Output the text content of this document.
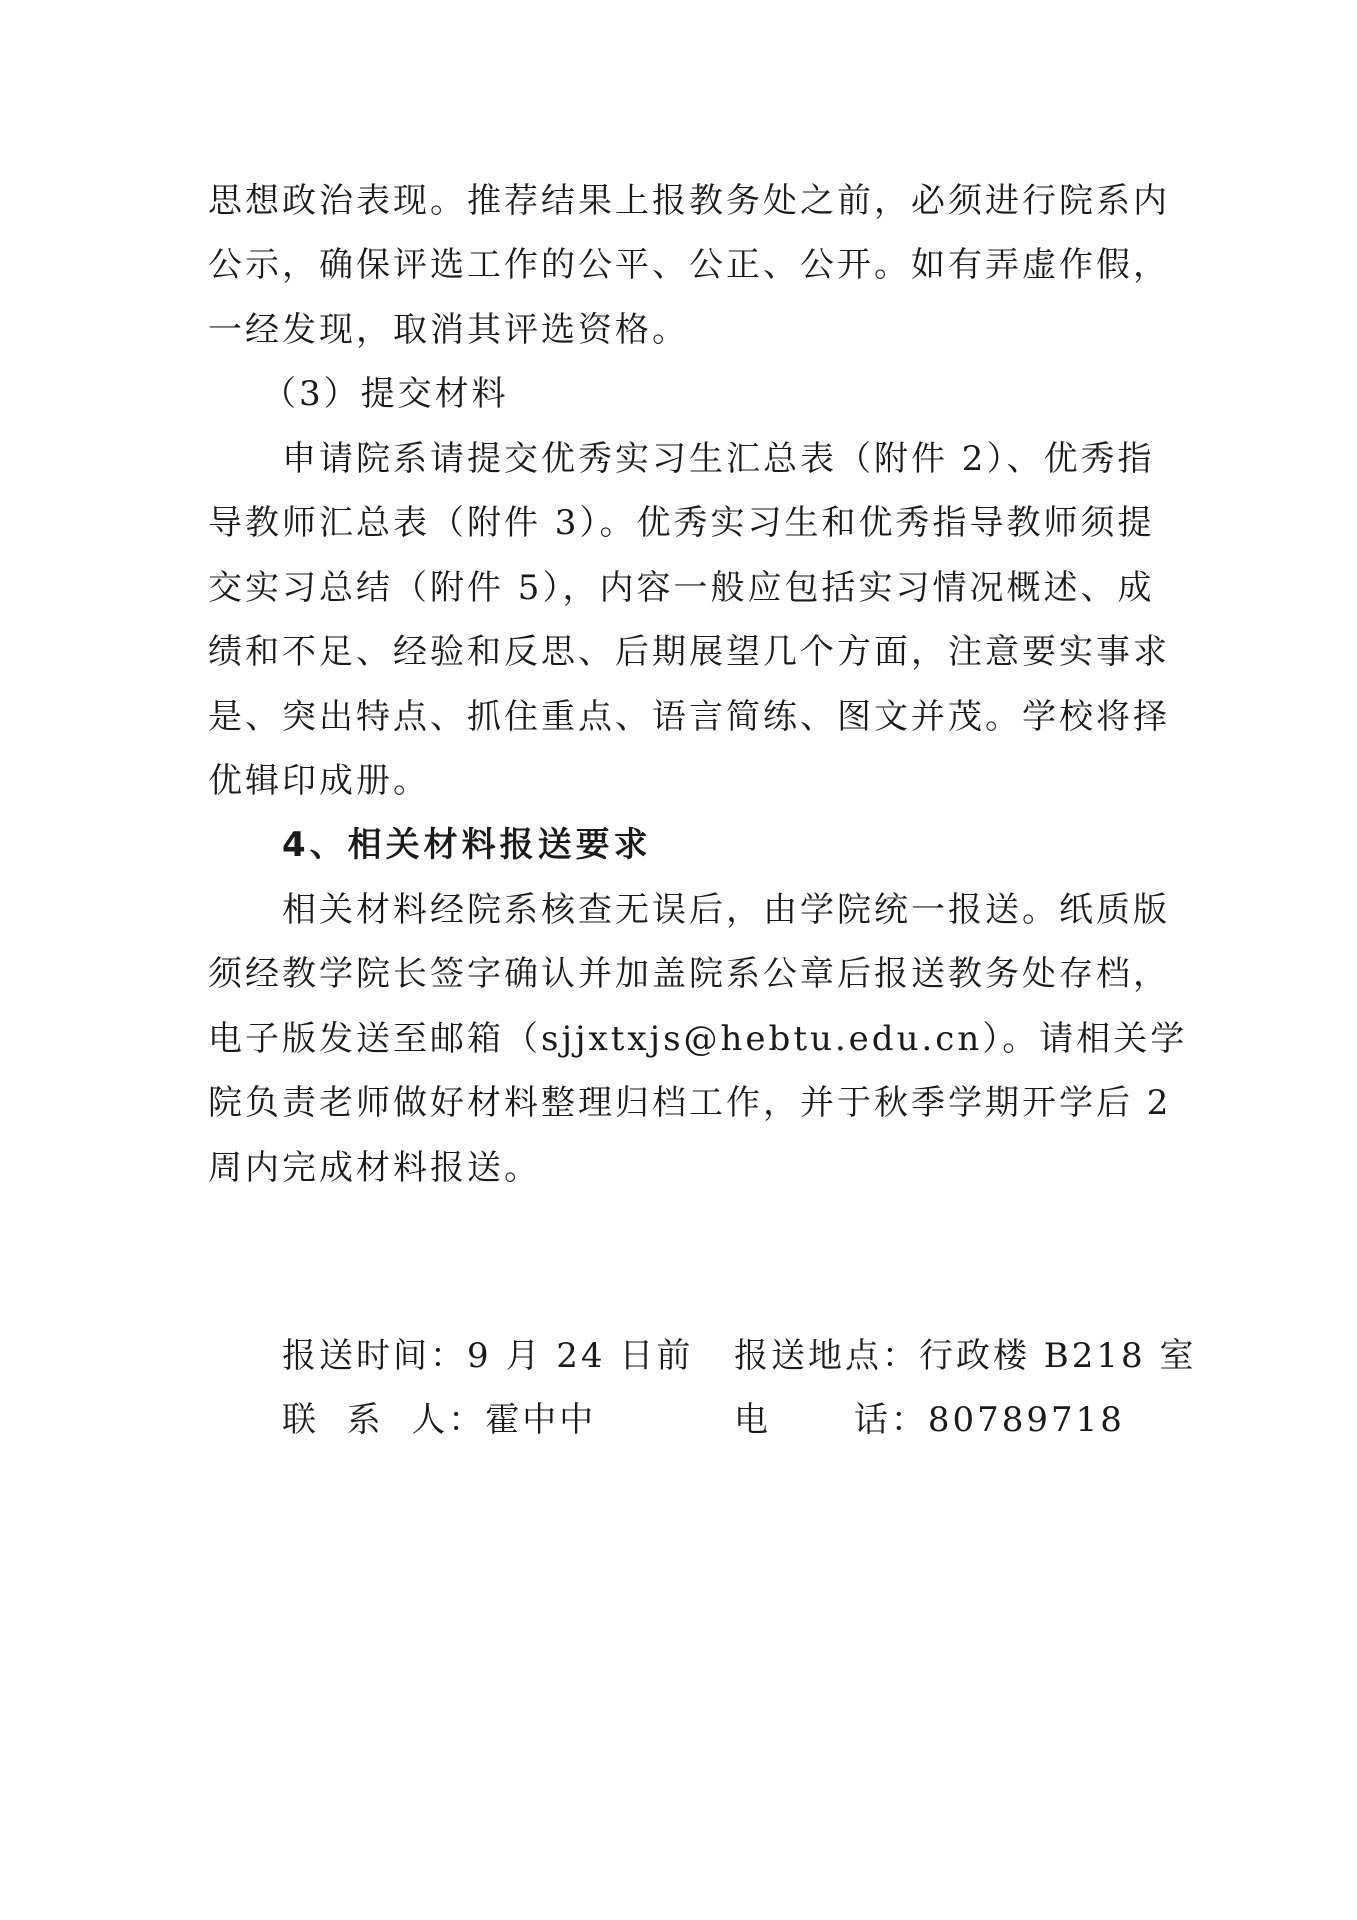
思想政治表现。推荐结果上报教务处之前，必须进行院系内
公示，确保评选工作的公平、公正、公开。如有弄虚作假，
一经发现，取消其评选资格。
（3）提交材料
申请院系请提交优秀实习生汇总表（附件 2）、优秀指
导教师汇总表（附件 3）。优秀实习生和优秀指导教师须提
交实习总结（附件 5），内容一般应包括实习情况概述、成
绩和不足、经验和反思、后期展望几个方面，注意要实事求
是、突出特点、抓住重点、语言简练、图文并茂。学校将择
优辑印成册。
4、相关材料报送要求
相关材料经院系核查无误后，由学院统一报送。纸质版
须经教学院长签字确认并加盖院系公章后报送教务处存档，
电子版发送至邮箱（sjjxtxjs@hebtu.edu.cn）。请相关学
院负责老师做好材料整理归档工作，并于秋季学期开学后 2
周内完成材料报送。
报送时间：9 月 24 日前 报送地点：行政楼 B218 室
联  系  人：霍中中	电      话：80789718
